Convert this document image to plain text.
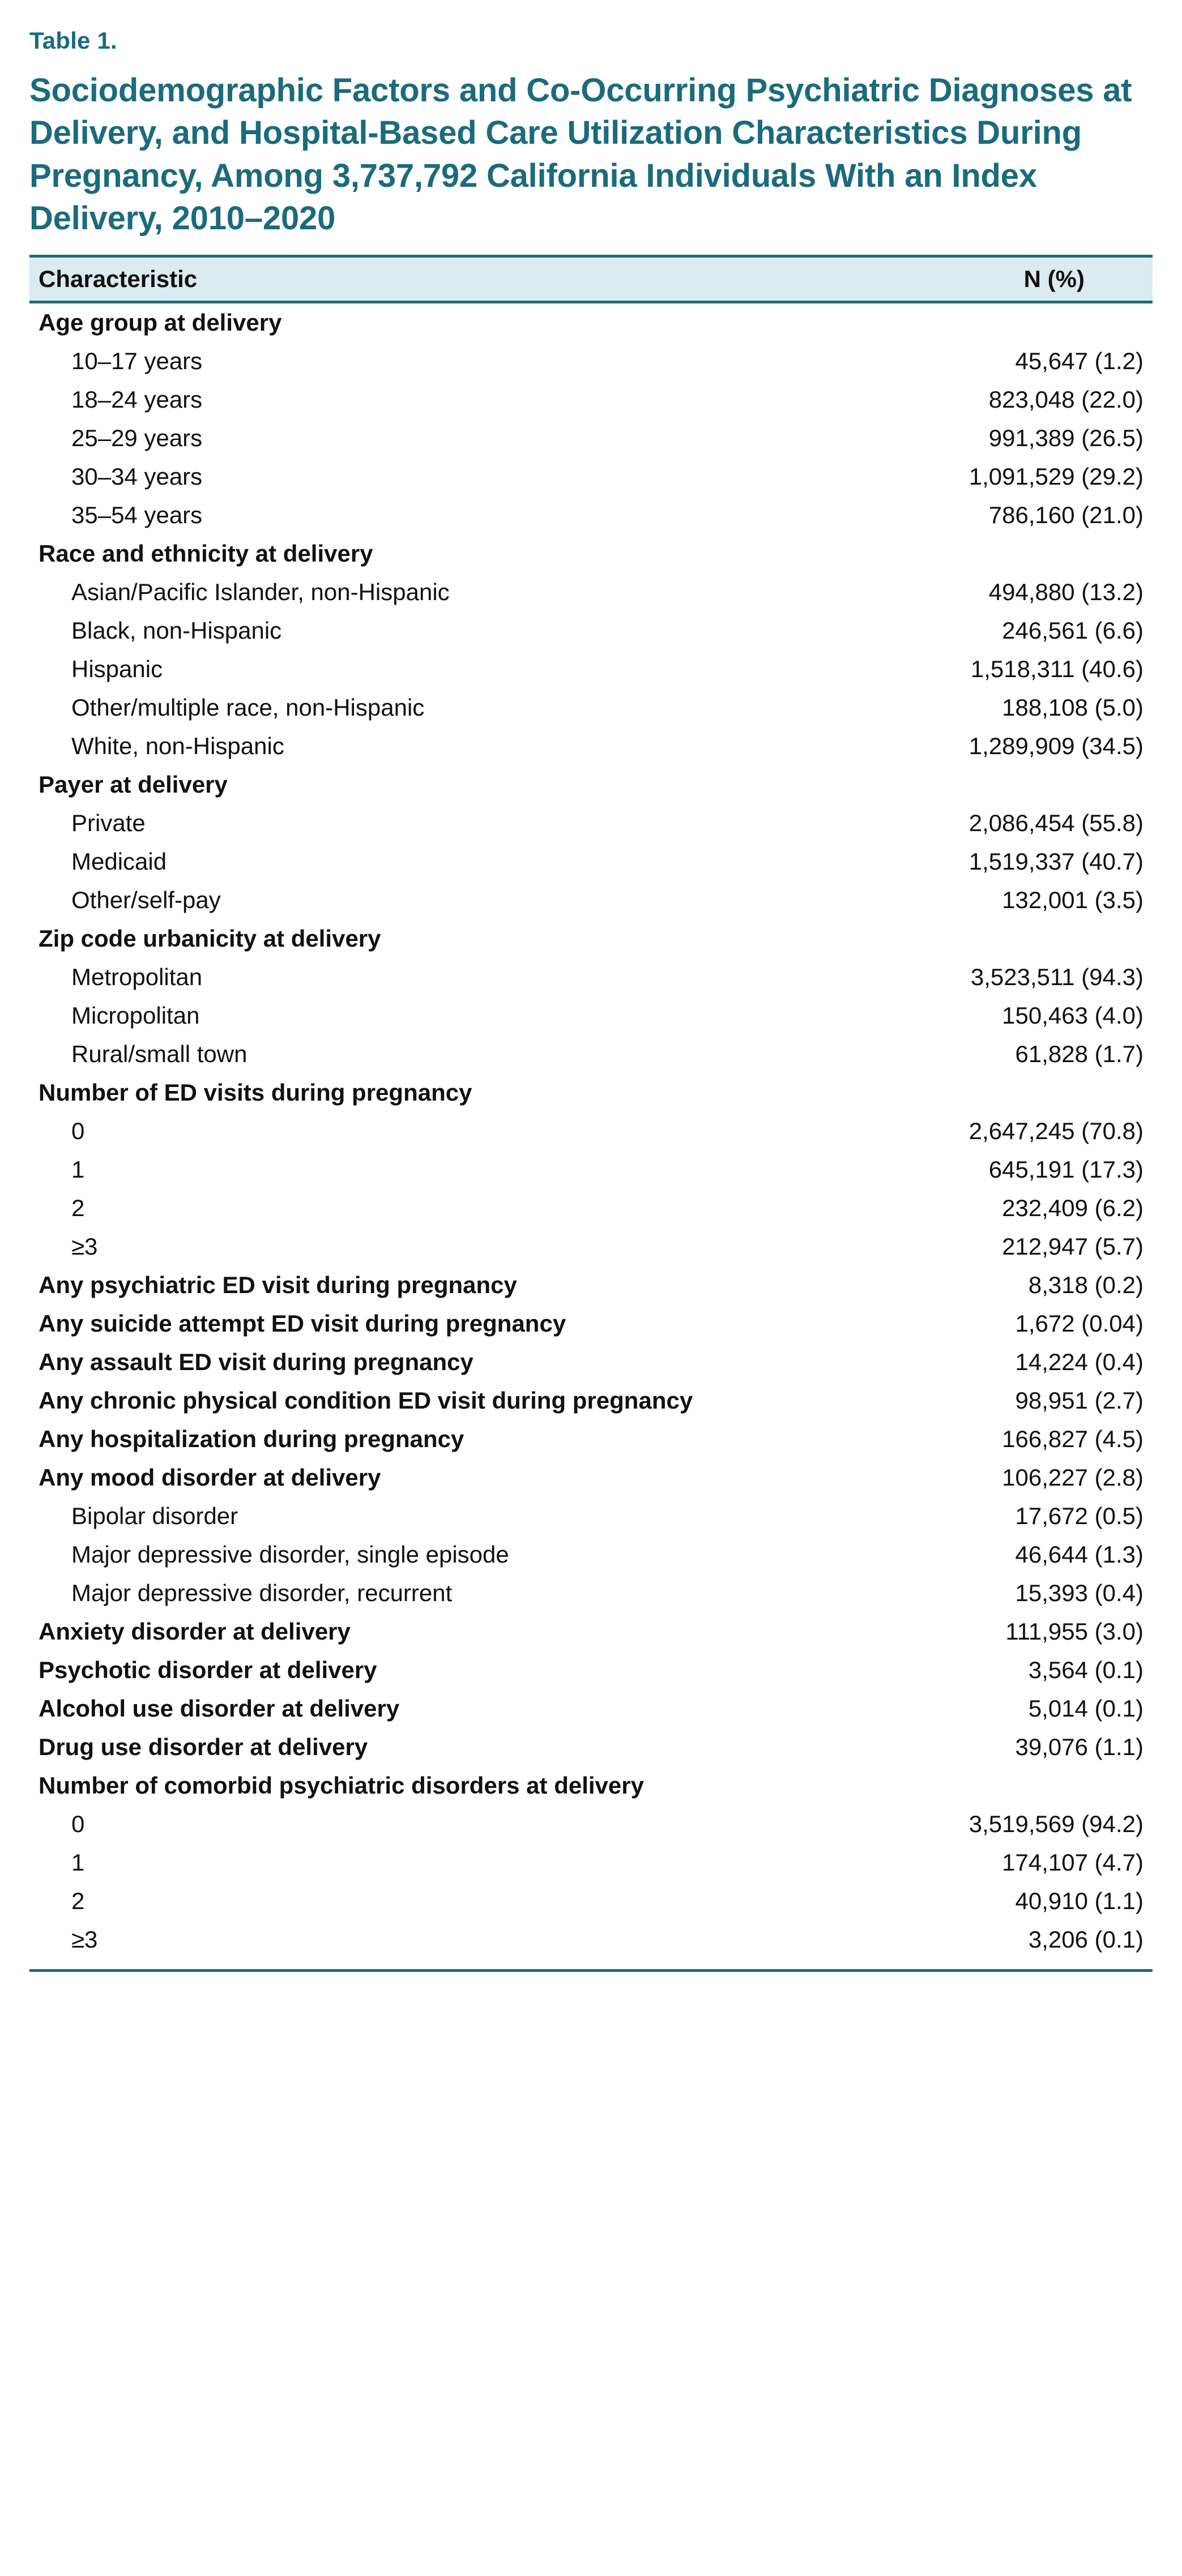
Table 1.
Sociodemographic Factors and Co-Occurring Psychiatric Diagnoses at Delivery, and Hospital-Based Care Utilization Characteristics During Pregnancy, Among 3,737,792 California Individuals With an Index Delivery, 2010–2020
Characteristic	N (%)
Age group at delivery	
10–17 years	45,647 (1.2)
18–24 years	823,048 (22.0)
25–29 years	991,389 (26.5)
30–34 years	1,091,529 (29.2)
35–54 years	786,160 (21.0)
Race and ethnicity at delivery	
Asian/Pacific Islander, non-Hispanic	494,880 (13.2)
Black, non-Hispanic	246,561 (6.6)
Hispanic	1,518,311 (40.6)
Other/multiple race, non-Hispanic	188,108 (5.0)
White, non-Hispanic	1,289,909 (34.5)
Payer at delivery	
Private	2,086,454 (55.8)
Medicaid	1,519,337 (40.7)
Other/self-pay	132,001 (3.5)
Zip code urbanicity at delivery	
Metropolitan	3,523,511 (94.3)
Micropolitan	150,463 (4.0)
Rural/small town	61,828 (1.7)
Number of ED visits during pregnancy	
0	2,647,245 (70.8)
1	645,191 (17.3)
2	232,409 (6.2)
≥3	212,947 (5.7)
Any psychiatric ED visit during pregnancy	8,318 (0.2)
Any suicide attempt ED visit during pregnancy	1,672 (0.04)
Any assault ED visit during pregnancy	14,224 (0.4)
Any chronic physical condition ED visit during pregnancy	98,951 (2.7)
Any hospitalization during pregnancy	166,827 (4.5)
Any mood disorder at delivery	106,227 (2.8)
Bipolar disorder	17,672 (0.5)
Major depressive disorder, single episode	46,644 (1.3)
Major depressive disorder, recurrent	15,393 (0.4)
Anxiety disorder at delivery	111,955 (3.0)
Psychotic disorder at delivery	3,564 (0.1)
Alcohol use disorder at delivery	5,014 (0.1)
Drug use disorder at delivery	39,076 (1.1)
Number of comorbid psychiatric disorders at delivery	
0	3,519,569 (94.2)
1	174,107 (4.7)
2	40,910 (1.1)
≥3	3,206 (0.1)
